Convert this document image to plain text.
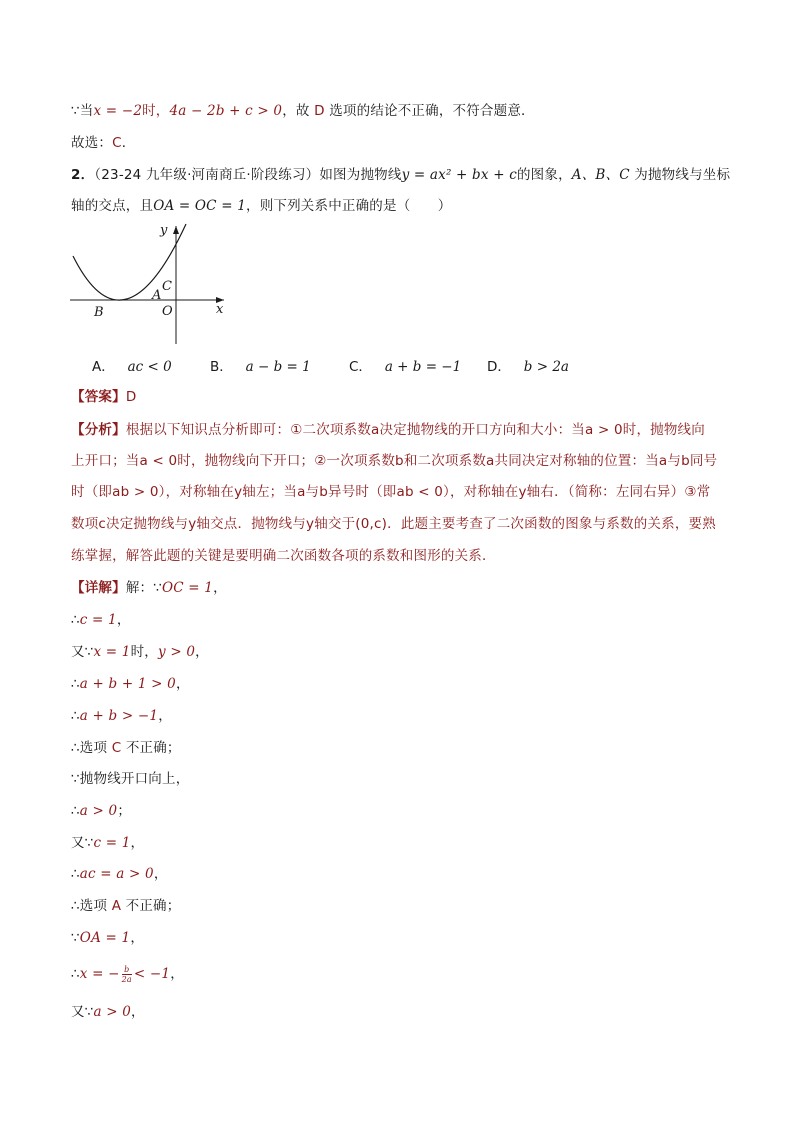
∵当x = −2时，4a − 2b + c > 0，故 D 选项的结论不正确，不符合题意．
故选：C．
2．（23-24 九年级·河南商丘·阶段练习）如图为抛物线y = ax² + bx + c的图象，A、B、C 为抛物线与坐标
轴的交点，且OA = OC = 1，则下列关系中正确的是（　　）
y
x
C
A
O
B
A． ac < 0	B． a − b = 1	C． a + b = −1 D． b > 2a
【答案】D
【分析】根据以下知识点分析即可：①二次项系数a决定抛物线的开口方向和大小：当a > 0时，抛物线向
上开口；当a < 0时，抛物线向下开口；②一次项系数b和二次项系数a共同决定对称轴的位置：当a与b同号
时（即ab > 0），对称轴在y轴左；当a与b异号时（即ab < 0），对称轴在y轴右．（简称：左同右异）③常
数项c决定抛物线与y轴交点．抛物线与y轴交于(0,c)．此题主要考查了二次函数的图象与系数的关系，要熟
练掌握，解答此题的关键是要明确二次函数各项的系数和图形的关系．
【详解】解：∵OC = 1，
∴c = 1，
又∵x = 1时，y > 0，
∴a + b + 1 > 0，
∴a + b > −1，
∴选项 C 不正确；
∵抛物线开口向上，
∴a > 0；
又∵c = 1，
∴ac = a > 0，
∴选项 A 不正确；
∵OA = 1，
∴x = − $\frac{b}{2a} < -1$，
又∵a > 0，
